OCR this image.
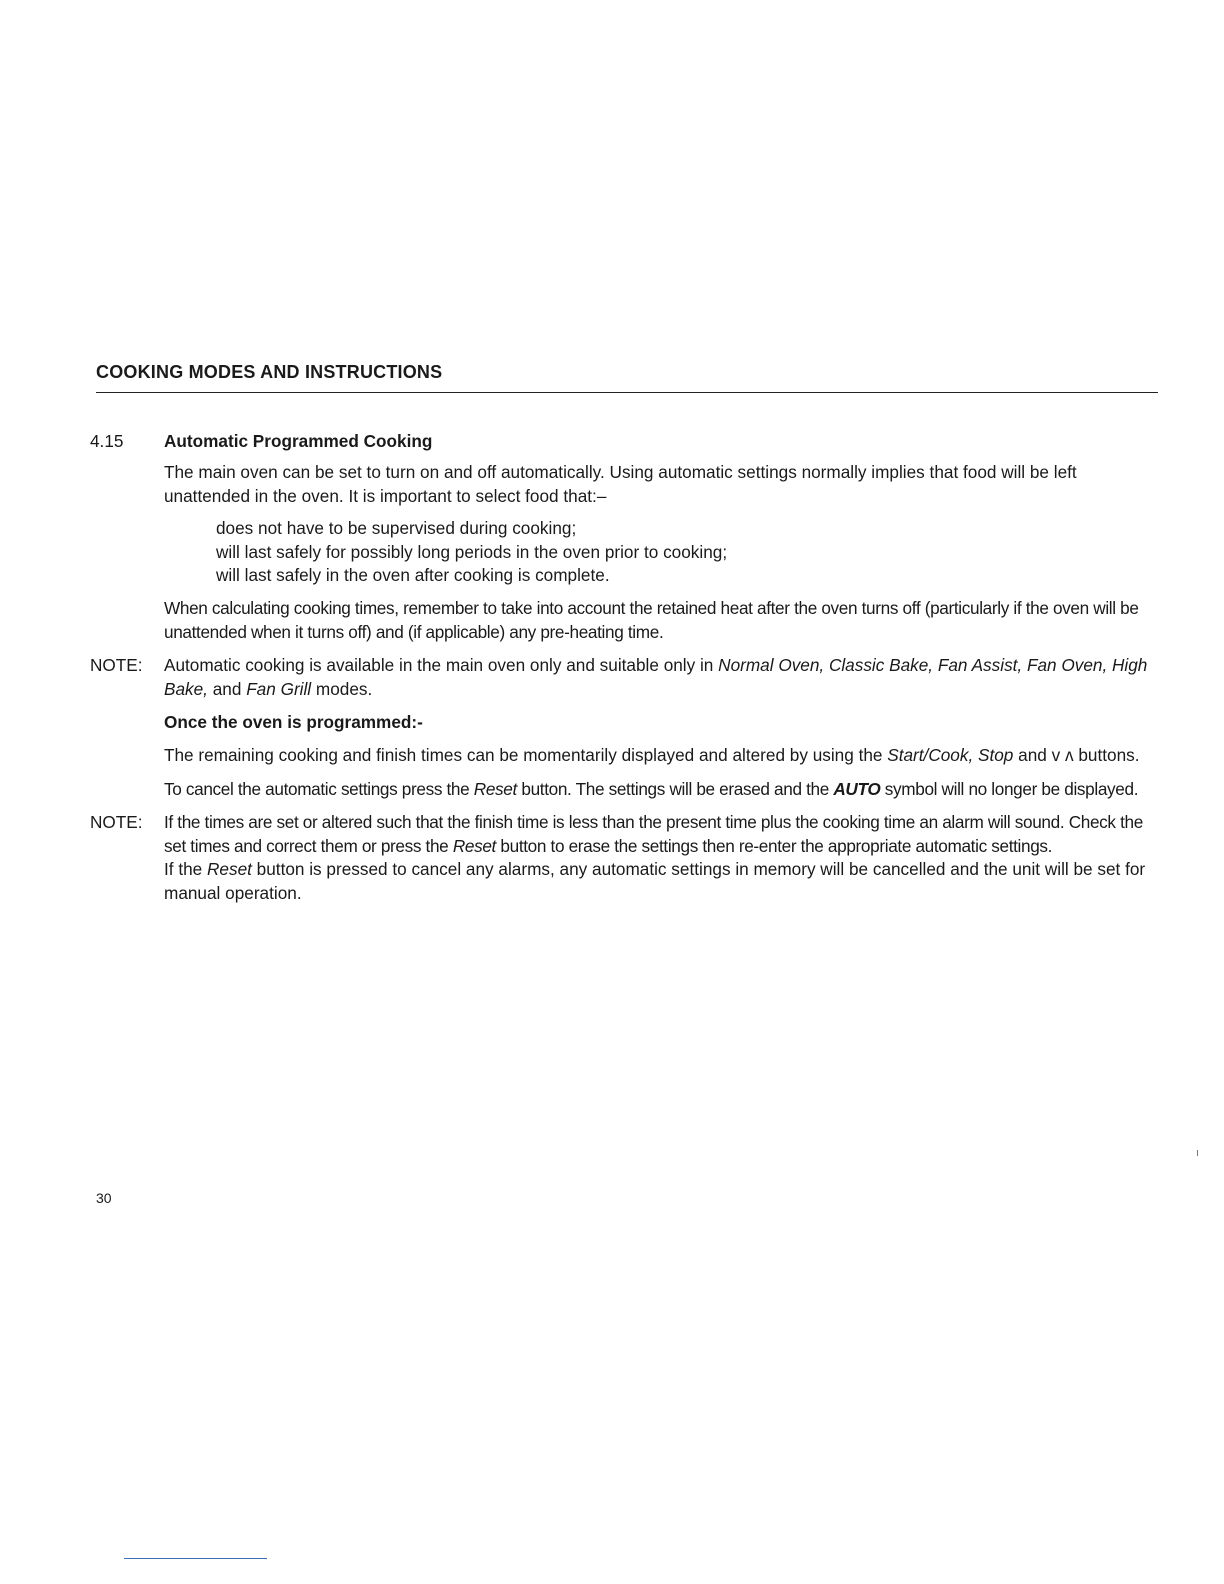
COOKING MODES AND INSTRUCTIONS
4.15	Automatic Programmed Cooking

The main oven can be set to turn on and off automatically. Using automatic settings normally implies that food will be left unattended in the oven. It is important to select food that:–

does not have to be supervised during cooking;
will last safely for possibly long periods in the oven prior to cooking;
will last safely in the oven after cooking is complete.

When calculating cooking times, remember to take into account the retained heat after the oven turns off (particularly if the oven will be unattended when it turns off) and (if applicable) any pre-heating time.

NOTE:	Automatic cooking is available in the main oven only and suitable only in Normal Oven, Classic Bake, Fan Assist, Fan Oven, High Bake, and Fan Grill modes.

Once the oven is programmed:-

The remaining cooking and finish times can be momentarily displayed and altered by using the Start/Cook, Stop and v ʌ buttons.

To cancel the automatic settings press the Reset button. The settings will be erased and the AUTO symbol will no longer be displayed.

NOTE:	If the times are set or altered such that the finish time is less than the present time plus the cooking time an alarm will sound. Check the set times and correct them or press the Reset button to erase the settings then re-enter the appropriate automatic settings.

If the Reset button is pressed to cancel any alarms, any automatic settings in memory will be cancelled and the unit will be set for manual operation.

30
